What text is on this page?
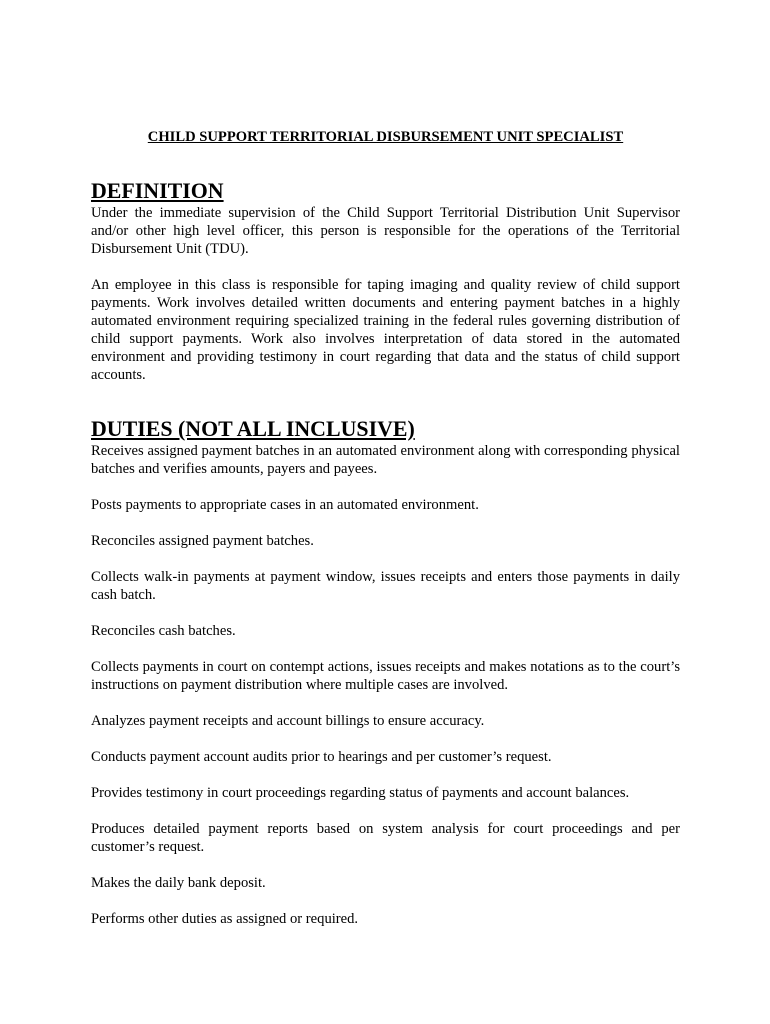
CHILD SUPPORT TERRITORIAL DISBURSEMENT UNIT SPECIALIST
DEFINITION

Under the immediate supervision of the Child Support Territorial Distribution Unit Supervisor and/or other high level officer, this person is responsible for the operations of the Territorial Disbursement Unit (TDU).

An employee in this class is responsible for taping imaging and quality review of child support payments. Work involves detailed written documents and entering payment batches in a highly automated environment requiring specialized training in the federal rules governing distribution of child support payments. Work also involves interpretation of data stored in the automated environment and providing testimony in court regarding that data and the status of child support accounts.

DUTIES (NOT ALL INCLUSIVE)

Receives assigned payment batches in an automated environment along with corresponding physical batches and verifies amounts, payers and payees.

Posts payments to appropriate cases in an automated environment.

Reconciles assigned payment batches.

Collects walk-in payments at payment window, issues receipts and enters those payments in daily cash batch.

Reconciles cash batches.

Collects payments in court on contempt actions, issues receipts and makes notations as to the court’s instructions on payment distribution where multiple cases are involved.

Analyzes payment receipts and account billings to ensure accuracy.

Conducts payment account audits prior to hearings and per customer’s request.

Provides testimony in court proceedings regarding status of payments and account balances.

Produces detailed payment reports based on system analysis for court proceedings and per customer’s request.

Makes the daily bank deposit.

Performs other duties as assigned or required.
